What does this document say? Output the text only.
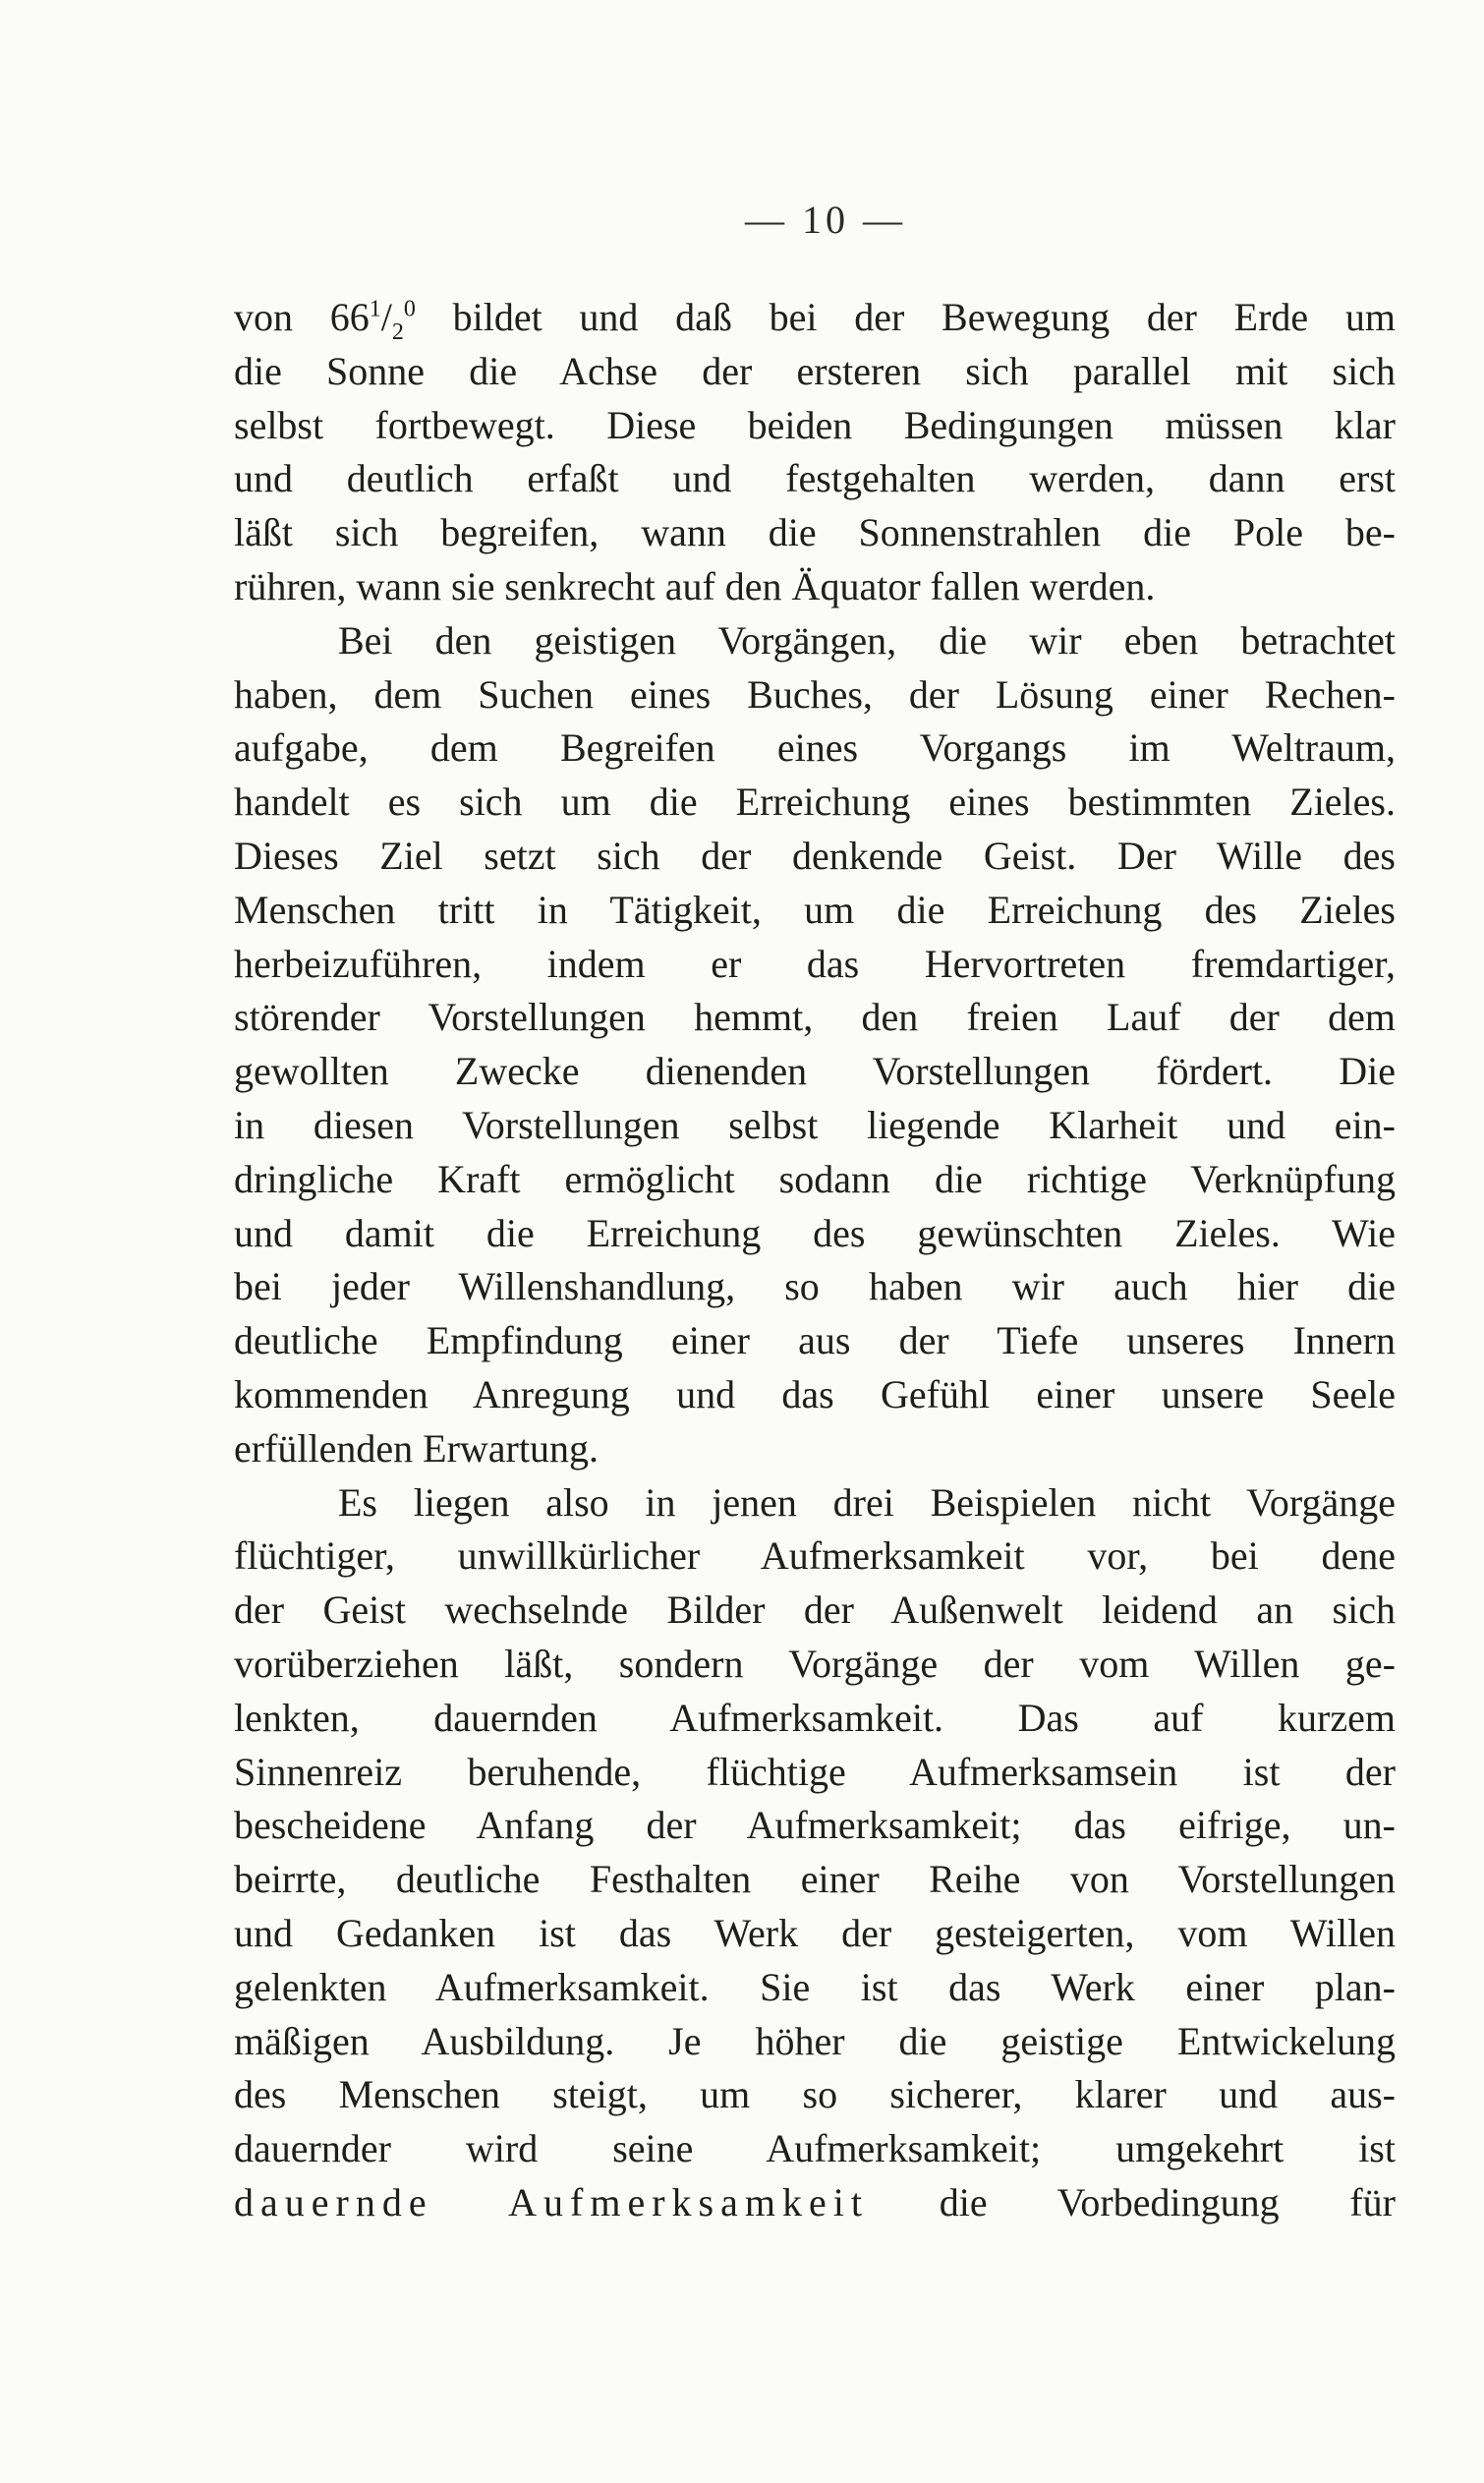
— 10 —
von $66^1/_2^0$ bildet und daß bei der Bewegung der Erde um
die Sonne die Achse der ersteren sich parallel mit sich
selbst fortbewegt. Diese beiden Bedingungen müssen klar
und deutlich erfaßt und festgehalten werden, dann erst
läßt sich begreifen, wann die Sonnenstrahlen die Pole be-
rühren, wann sie senkrecht auf den Äquator fallen werden.
Bei den geistigen Vorgängen, die wir eben betrachtet
haben, dem Suchen eines Buches, der Lösung einer Rechen-
aufgabe, dem Begreifen eines Vorgangs im Weltraum,
handelt es sich um die Erreichung eines bestimmten Zieles.
Dieses Ziel setzt sich der denkende Geist. Der Wille des
Menschen tritt in Tätigkeit, um die Erreichung des Zieles
herbeizuführen, indem er das Hervortreten fremdartiger,
störender Vorstellungen hemmt, den freien Lauf der dem
gewollten Zwecke dienenden Vorstellungen fördert. Die
in diesen Vorstellungen selbst liegende Klarheit und ein-
dringliche Kraft ermöglicht sodann die richtige Verknüpfung
und damit die Erreichung des gewünschten Zieles. Wie
bei jeder Willenshandlung, so haben wir auch hier die
deutliche Empfindung einer aus der Tiefe unseres Innern
kommenden Anregung und das Gefühl einer unsere Seele
erfüllenden Erwartung.
Es liegen also in jenen drei Beispielen nicht Vorgänge
flüchtiger, unwillkürlicher Aufmerksamkeit vor, bei dene
der Geist wechselnde Bilder der Außenwelt leidend an sich
vorüberziehen läßt, sondern Vorgänge der vom Willen ge-
lenkten, dauernden Aufmerksamkeit. Das auf kurzem
Sinnenreiz beruhende, flüchtige Aufmerksamsein ist der
bescheidene Anfang der Aufmerksamkeit; das eifrige, un-
beirrte, deutliche Festhalten einer Reihe von Vorstellungen
und Gedanken ist das Werk der gesteigerten, vom Willen
gelenkten Aufmerksamkeit. Sie ist das Werk einer plan-
mäßigen Ausbildung. Je höher die geistige Entwickelung
des Menschen steigt, um so sicherer, klarer und aus-
dauernder wird seine Aufmerksamkeit; umgekehrt ist
dauernde Aufmerksamkeit die Vorbedingung für
